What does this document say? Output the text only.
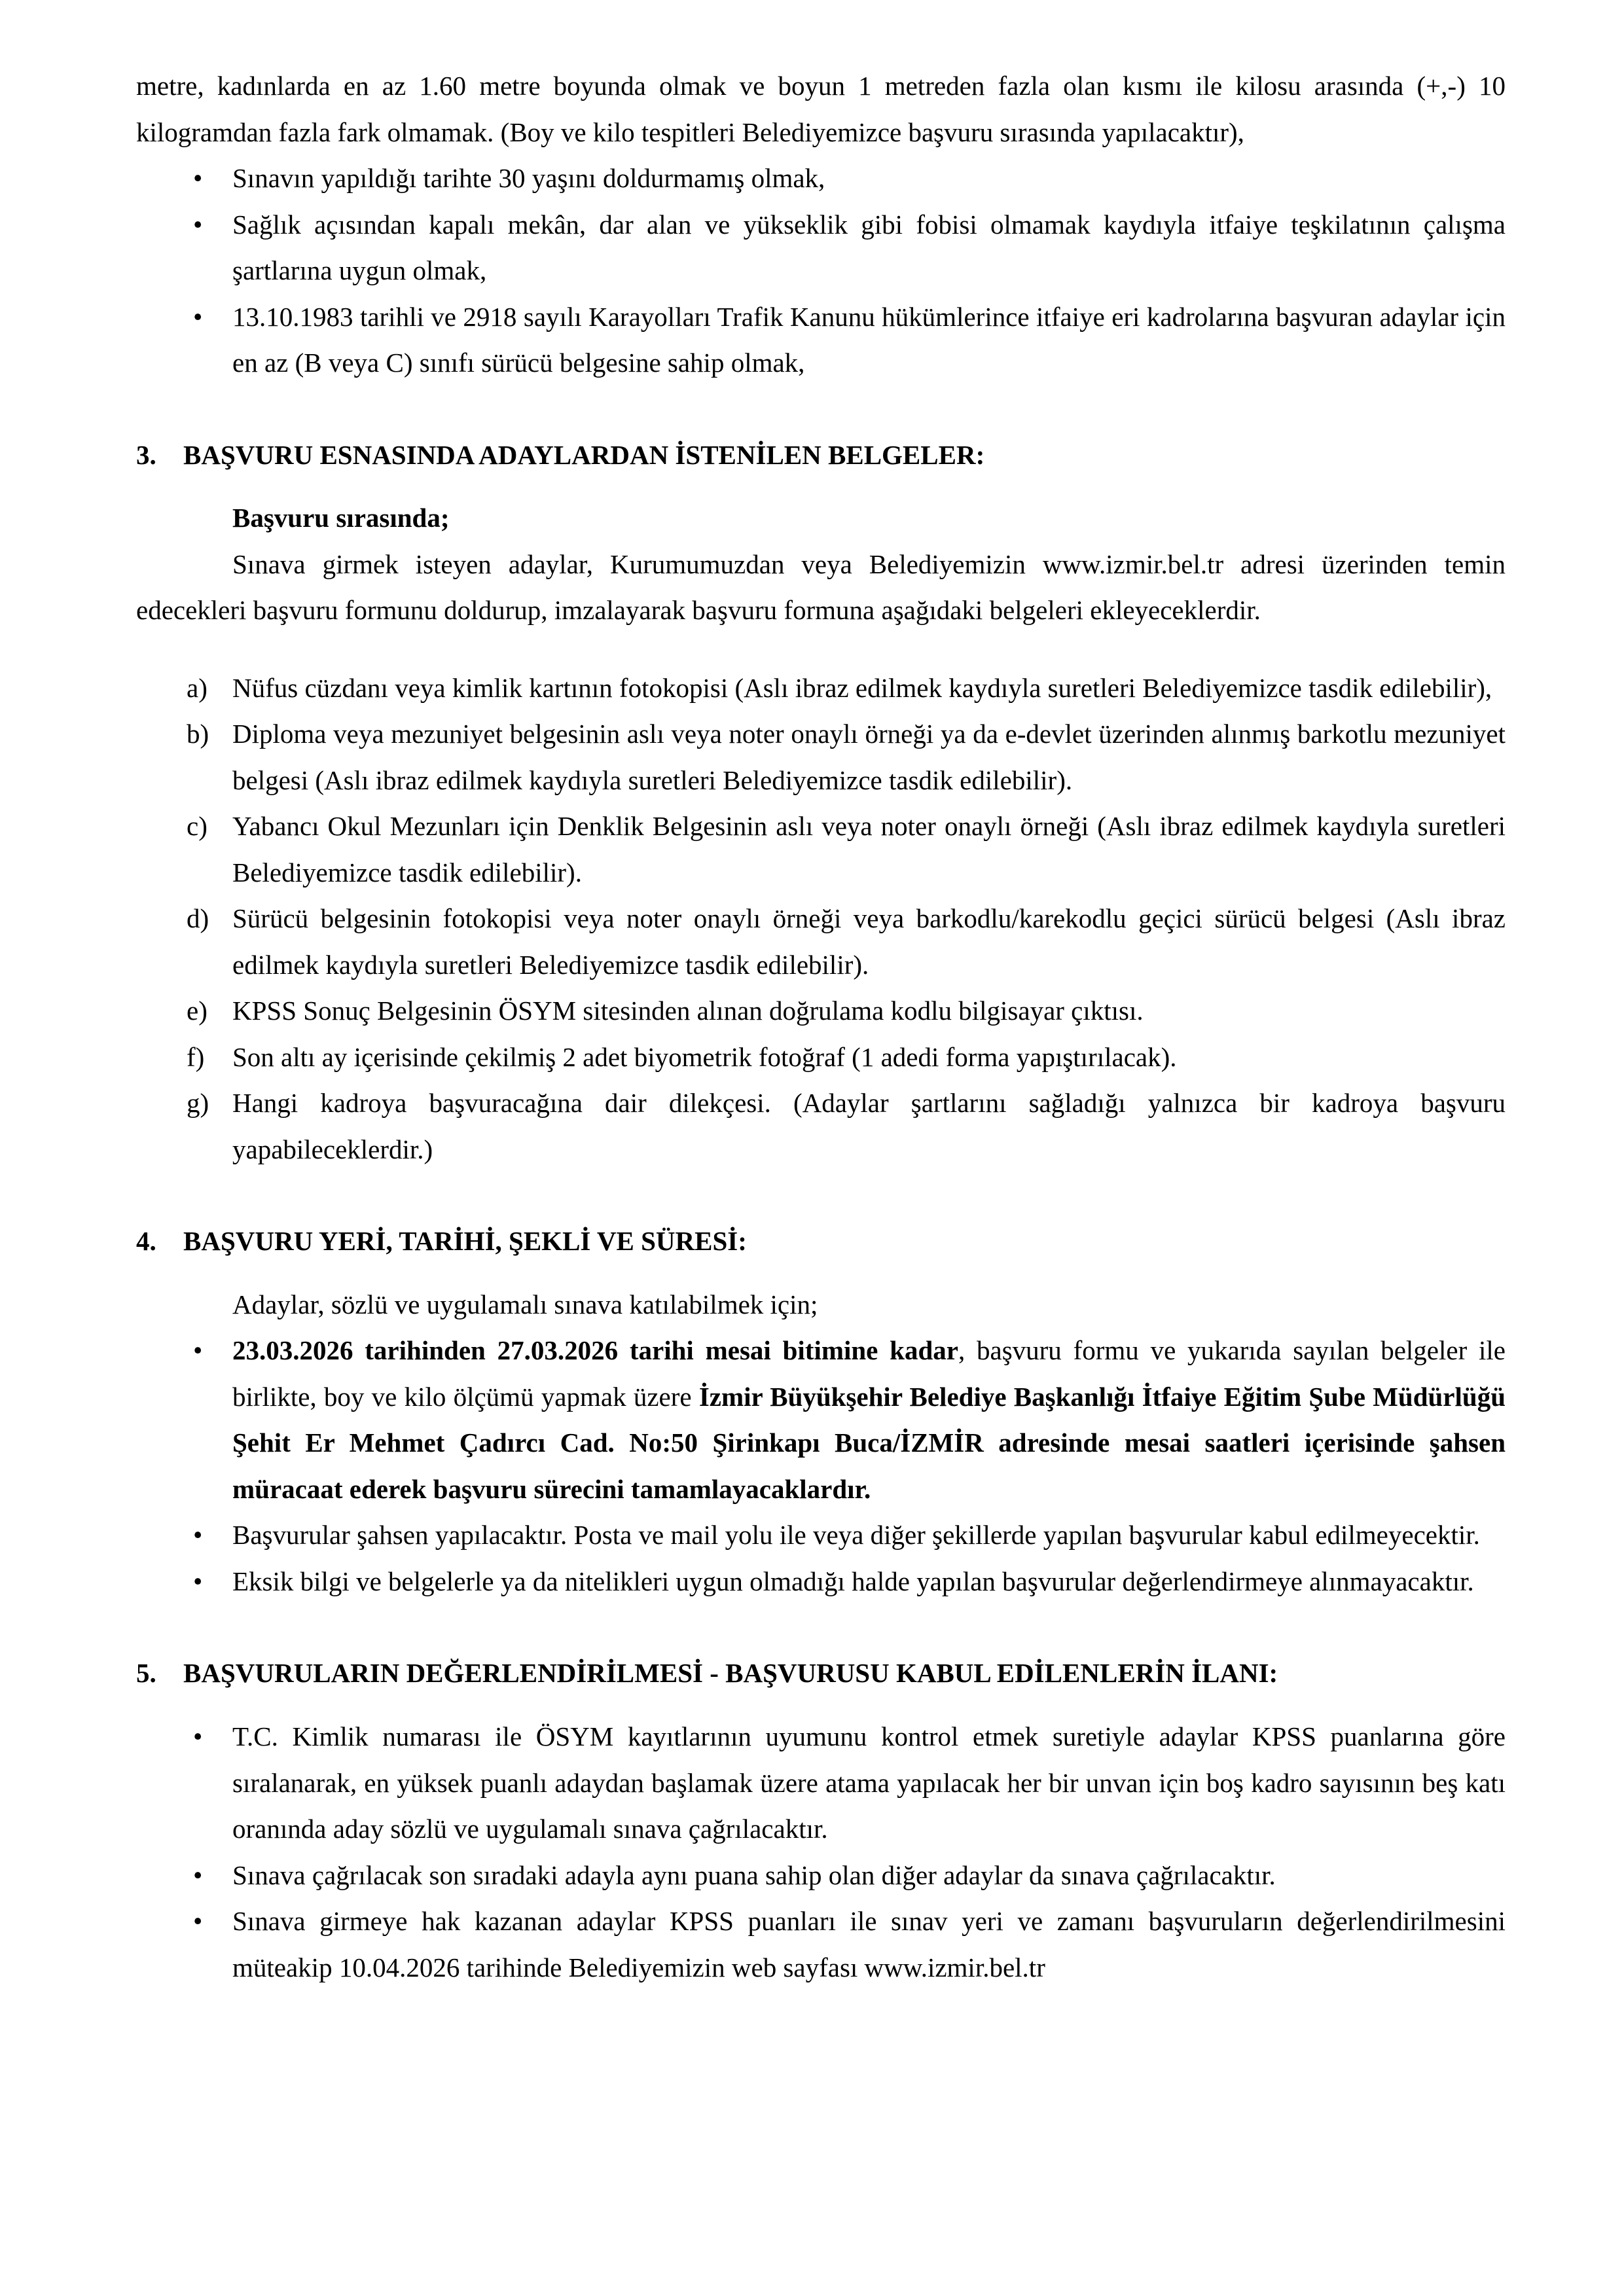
metre, kadınlarda en az 1.60 metre boyunda olmak ve boyun 1 metreden fazla olan kısmı ile kilosu arasında (+,-) 10 kilogramdan fazla fark olmamak. (Boy ve kilo tespitleri Belediyemizce başvuru sırasında yapılacaktır),

• Sınavın yapıldığı tarihte 30 yaşını doldurmamış olmak,
• Sağlık açısından kapalı mekân, dar alan ve yükseklik gibi fobisi olmamak kaydıyla itfaiye teşkilatının çalışma şartlarına uygun olmak,
• 13.10.1983 tarihli ve 2918 sayılı Karayolları Trafik Kanunu hükümlerince itfaiye eri kadrolarına başvuran adaylar için en az (B veya C) sınıfı sürücü belgesine sahip olmak,
3.	BAŞVURU ESNASINDA ADAYLARDAN İSTENİLEN BELGELER:

Başvuru sırasında;

Sınava girmek isteyen adaylar, Kurumumuzdan veya Belediyemizin www.izmir.bel.tr adresi üzerinden temin edecekleri başvuru formunu doldurup, imzalayarak başvuru formuna aşağıdaki belgeleri ekleyeceklerdir.

a) Nüfus cüzdanı veya kimlik kartının fotokopisi (Aslı ibraz edilmek kaydıyla suretleri Belediyemizce tasdik edilebilir),
b) Diploma veya mezuniyet belgesinin aslı veya noter onaylı örneği ya da e-devlet üzerinden alınmış barkotlu mezuniyet belgesi (Aslı ibraz edilmek kaydıyla suretleri Belediyemizce tasdik edilebilir).
c) Yabancı Okul Mezunları için Denklik Belgesinin aslı veya noter onaylı örneği (Aslı ibraz edilmek kaydıyla suretleri Belediyemizce tasdik edilebilir).
d) Sürücü belgesinin fotokopisi veya noter onaylı örneği veya barkodlu/karekodlu geçici sürücü belgesi (Aslı ibraz edilmek kaydıyla suretleri Belediyemizce tasdik edilebilir).
e) KPSS Sonuç Belgesinin ÖSYM sitesinden alınan doğrulama kodlu bilgisayar çıktısı.
f)	Son altı ay içerisinde çekilmiş 2 adet biyometrik fotoğraf (1 adedi forma yapıştırılacak).
g) Hangi kadroya başvuracağına dair dilekçesi. (Adaylar şartlarını sağladığı yalnızca bir kadroya başvuru yapabileceklerdir.)
4.	BAŞVURU YERİ, TARİHİ, ŞEKLİ VE SÜRESİ:

Adaylar, sözlü ve uygulamalı sınava katılabilmek için;

• 23.03.2026 tarihinden 27.03.2026 tarihi mesai bitimine kadar, başvuru formu ve yukarıda sayılan belgeler ile birlikte, boy ve kilo ölçümü yapmak üzere İzmir Büyükşehir Belediye Başkanlığı İtfaiye Eğitim Şube Müdürlüğü Şehit Er Mehmet Çadırcı Cad. No:50 Şirinkapı Buca/İZMİR adresinde mesai saatleri içerisinde şahsen müracaat ederek başvuru sürecini tamamlayacaklardır.
• Başvurular şahsen yapılacaktır. Posta ve mail yolu ile veya diğer şekillerde yapılan başvurular kabul edilmeyecektir.
• Eksik bilgi ve belgelerle ya da nitelikleri uygun olmadığı halde yapılan başvurular değerlendirmeye alınmayacaktır.
5.	BAŞVURULARIN DEĞERLENDİRİLMESİ - BAŞVURUSU KABUL EDİLENLERİN İLANI:
• T.C. Kimlik numarası ile ÖSYM kayıtlarının uyumunu kontrol etmek suretiyle adaylar KPSS puanlarına göre sıralanarak, en yüksek puanlı adaydan başlamak üzere atama yapılacak her bir unvan için boş kadro sayısının beş katı oranında aday sözlü ve uygulamalı sınava çağrılacaktır.
• Sınava çağrılacak son sıradaki adayla aynı puana sahip olan diğer adaylar da sınava çağrılacaktır.
• Sınava girmeye hak kazanan adaylar KPSS puanları ile sınav yeri ve zamanı başvuruların değerlendirilmesini müteakip 10.04.2026 tarihinde Belediyemizin web sayfası www.izmir.bel.tr
